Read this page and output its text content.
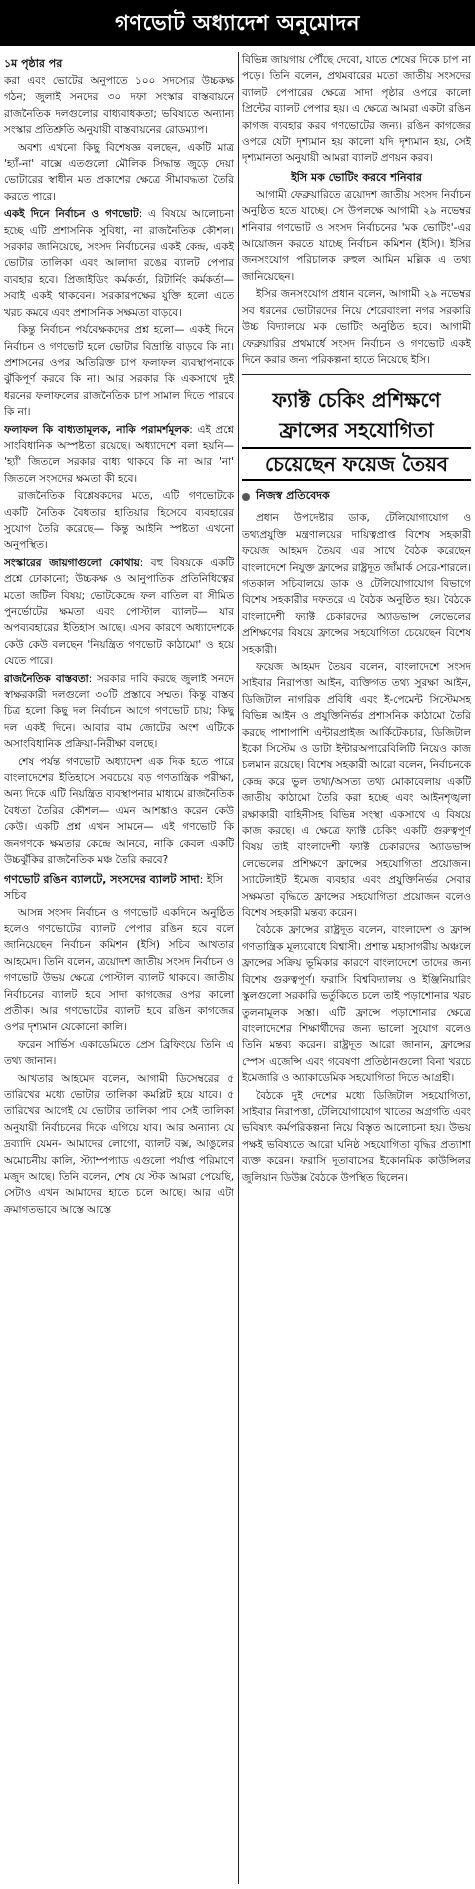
গণভোট অধ্যাদেশ অনুমোদন
১ম পৃষ্ঠার পর

করা এবং ভোটের অনুপাতে ১০০ সদস্যের উচ্চকক্ষ গঠন; জুলাই সনদের ৩০ দফা সংস্কার বাস্তবায়নে রাজনৈতিক দলগুলোর বাধ্যবাধকতা; ভবিষ্যতে অন্যান্য সংস্কার প্রতিশ্রুতি অনুযায়ী বাস্তবায়নের রোডম্যাপ।

অবশ্য এখনো কিছু বিশেষজ্ঞ বলছেন, একটি মাত্র 'হ্যাঁ-না' বাক্সে এতগুলো মৌলিক সিদ্ধান্ত জুড়ে দেয়া ভোটারের স্বাধীন মত প্রকাশের ক্ষেত্রে সীমাবদ্ধতা তৈরি করতে পারে।

একই দিনে নির্বাচন ও গণভোট: এ বিষয়ে আলোচনা হচ্ছে এটি প্রশাসনিক সুবিধা, না রাজনৈতিক কৌশল। সরকার জানিয়েছে, সংসদ নির্বাচনের একই কেন্দ্র, একই ভোটার তালিকা এবং আলাদা রঙের ব্যালট পেপার ব্যবহার হবে। প্রিজাইডিং কর্মকর্তা, রিটার্নিং কর্মকর্তা— সবাই একই থাকবেন। সরকারপক্ষের যুক্তি হলো এতে খরচ কমবে এবং প্রশাসনিক সক্ষমতা বাড়বে।

কিন্তু নির্বাচন পর্যবেক্ষকদের প্রশ্ন হলো— একই দিনে নির্বাচন ও গণভোট হলে ভোটার বিভ্রান্তি বাড়বে কি না। প্রশাসনের ওপর অতিরিক্ত চাপ ফলাফল ব্যবস্থাপনাকে ঝুঁকিপূর্ণ করবে কি না। আর সরকার কি একসাথে দুই ধরনের ফলাফলের রাজনৈতিক চাপ সামাল দিতে পারবে কি না।

ফলাফল কি বাধ্যতামূলক, নাকি পরামর্শমূলক: এই প্রশ্নে সাংবিধানিক অস্পষ্টতা রয়েছে। অধ্যাদেশে বলা হয়নি— 'হ্যাঁ' জিতলে সরকার বাধ্য থাকবে কি না আর 'না' জিতলে সংসদের ক্ষমতা কী হবে।

রাজনৈতিক বিশ্লেষকদের মতে, এটি গণভোটকে একটি নৈতিক বৈধতার হাতিয়ার হিসেবে ব্যবহারের সুযোগ তৈরি করেছে— কিন্তু আইনি স্পষ্টতা এখনো অনুপস্থিত।

সংস্কারের জায়গাগুলো কোথায়: বহু বিষয়কে একটি প্রশ্নে ঢোকানো; উচ্চকক্ষ ও আনুপাতিক প্রতিনিধিত্বের মতো জটিল বিষয়; ভোটকেন্দ্রে ফল বাতিল বা সীমিত পুনর্ভোটের ক্ষমতা এবং পোস্টাল ব্যালট— যার অপব্যবহারের ইতিহাস আছে। এসব কারণে অধ্যাদেশকে কেউ কেউ বলছেন 'নিয়ন্ত্রিত গণভোট কাঠামো' ও হয়ে যেতে পারে।

রাজনৈতিক বাস্তবতা: সরকার দাবি করছে জুলাই সনদে স্বাক্ষরকারী দলগুলো ৩০টি প্রস্তাবে সম্মত। কিন্তু বাস্তব চিত্র হলো কিছু দল নির্বাচন আগে গণভোট চায়; কিছু দল একই দিনে। আবার বাম জোটের অংশ এটিকে অসাংবিধানিক প্রক্রিয়া-নিরীক্ষা বলছে।

শেষ পর্যন্ত গণভোট অধ্যাদেশ এক দিক হতে পারে বাংলাদেশের ইতিহাসে সবচেয়ে বড় গণতান্ত্রিক পরীক্ষা, অন্য দিকে এটি নিয়ন্ত্রিত ব্যবস্থাপনার মাধ্যমে রাজনৈতিক বৈধতা তৈরির কৌশল— এমন আশঙ্কাও করেন কেউ কেউ। একটি প্রশ্ন এখন সামনে— এই গণভোট কি জনগণকে ক্ষমতার কেন্দ্রে আনবে, নাকি কেবল একটি উচ্চঝুঁকির রাজনৈতিক মঞ্চ তৈরি করবে?

গণভোট রঙিন ব্যালটে, সংসদের ব্যালট সাদা: ইসি সচিব

আসন্ন সংসদ নির্বাচন ও গণভোট একদিনে অনুষ্ঠিত হলেও গণভোটের ব্যালট পেপার রঙিন হবে বলে জানিয়েছেন নির্বাচন কমিশন (ইসি) সচিব আখতার আহমেদ। তিনি বলেন, ত্রয়োদশ জাতীয় সংসদ নির্বাচন ও গণভোট উভয় ক্ষেত্রে পোস্টাল ব্যালট থাকবে। জাতীয় নির্বাচনের ব্যালট হবে সাদা কাগজের ওপর কালো প্রতীক। আর গণভোটের ব্যালট হবে রঙিন কাগজের ওপর দৃশ্যমান যেকোনো কালি।

ফরেন সার্ভিস একাডেমিতে প্রেস ব্রিফিংয়ে তিনি এ তথ্য জানান।

আখতার আহমেদ বলেন, আগামী ডিসেম্বরের ৫ তারিখের মধ্যে ভোটার তালিকা কমপ্লিট হয়ে যাবে। ৫ তারিখের আগেই যে ভোটার তালিকা পাব সেই তালিকা অনুযায়ী নির্বাচনের দিকে এগিয়ে যাব। আর অন্যান্য যে দ্রব্যাদি যেমন- আমাদের লোগো, ব্যালট বক্স, আঙুলের অমোচনীয় কালি, স্ট্যাম্পপ্যাড এগুলো পর্যাপ্ত পরিমাণে মজুদ আছে। তিনি বলেন, শেষ যে স্টক আমরা পেয়েছি, সেটাও এখন আমাদের হাতে চলে আছে। আর এটা ক্রমাগতভাবে আস্তে আস্তে

বিভিন্ন জায়গায় পৌঁছে দেবো, যাতে শেষের দিকে চাপ না পড়ে। তিনি বলেন, প্রথমবারের মতো জাতীয় সংসদের ব্যালট পেপারের ক্ষেত্রে সাদা পৃষ্ঠার ওপরে কালো প্রিন্টের ব্যালট পেপার হয়। এ ক্ষেত্রে আমরা একটা রঙিন কাগজ ব্যবহার করব গণভোটের জন্য। রঙিন কাগজের ওপরে যেটা দৃশ্যমান হয় কালো যদি দৃশ্যমান হয়, সেই দৃশ্যমানতা অনুযায়ী আমরা ব্যালট প্রণয়ন করব।

ইসি মক ভোটিং করবে শনিবার

আগামী ফেব্রুয়ারিতে ত্রয়োদশ জাতীয় সংসদ নির্বাচন অনুষ্ঠিত হতে যাচ্ছে। সে উপলক্ষে আগামী ২৯ নভেম্বর শনিবার গণভোট ও সংসদ নির্বাচনের 'মক ভোটিং'-এর আয়োজন করতে যাচ্ছে নির্বাচন কমিশন (ইসি)। ইসির জনসংযোগ পরিচালক রুহুল আমিন মল্লিক এ তথ্য জানিয়েছেন।

ইসির জনসংযোগ প্রধান বলেন, আগামী ২৯ নভেম্বর সব ধরনের ভোটারদের নিয়ে শেরেবাংলা নগর সরকারি উচ্চ বিদ্যালয়ে মক ভোটিং অনুষ্ঠিত হবে। আগামী ফেব্রুয়ারির প্রথমার্ধে সংসদ নির্বাচন ও গণভোট একই দিনে করার জন্য পরিকল্পনা হাতে নিয়েছে ইসি।

ফ্যাক্ট চেকিং প্রশিক্ষণে
ফ্রান্সের সহযোগিতা
চেয়েছেন ফয়েজ তৈয়ব
নিজস্ব প্রতিবেদক

প্রধান উপদেষ্টার ডাক, টেলিযোগাযোগ ও তথ্যপ্রযুক্তি মন্ত্রণালয়ের দায়িত্বপ্রাপ্ত বিশেষ সহকারী ফয়েজ আহমদ তৈয়ব এর সাথে বৈঠক করেছেন বাংলাদেশে নিযুক্ত ফ্রান্সের রাষ্ট্রদূত জাঁমার্ক সেরে-শারলে। গতকাল সচিবালয়ে ডাক ও টেলিযোগাযোগ বিভাগে বিশেষ সহকারীর দফতরে এ বৈঠক অনুষ্ঠিত হয়। বৈঠকে বাংলাদেশী ফ্যাক্ট চেকারদের অ্যাডভান্স লেভেলের প্রশিক্ষণের বিষয়ে ফ্রান্সের সহযোগিতা চেয়েছেন বিশেষ সহকারী।

ফয়েজ আহমদ তৈয়ব বলেন, বাংলাদেশে সংসদ সাইবার নিরাপত্তা আইন, ব্যক্তিগত তথ্য সুরক্ষা আইন, ডিজিটাল নাগরিক প্রবিধি এবং ই-পেমেন্ট সিস্টেমসহ বিভিন্ন আইন ও প্রযুক্তিনির্ভর প্রশাসনিক কাঠামো তৈরি করছে পাশাপাশি এন্টারপ্রাইজ আর্কিটেকচার, ডিজিটাল ইকো সিস্টেম ও ডাটা ইন্টারঅপারেবিলিটি নিয়েও কাজ চলমান রয়েছে। বিশেষ সহকারী আরো বলেন, নির্বাচনকে কেন্দ্র করে ভুল তথ্য/অসত্য তথ্য মোকাবেলায় একটি জাতীয় কাঠামো তৈরি করা হচ্ছে এবং আইনশৃঙ্খলা রক্ষাকারী বাহিনীসহ বিভিন্ন সংস্থা একসাথে এ বিষয়ে কাজ করছে। এ ক্ষেত্রে ফ্যাক্ট চেকিং একটি গুরুত্বপূর্ণ বিষয় তাই বাংলাদেশী ফ্যাক্ট চেকারদের অ্যাডভান্স লেভেলের প্রশিক্ষণে ফ্রান্সের সহযোগিতা প্রয়োজন। স্যাটেলাইট ইমেজ ব্যবহার এবং প্রযুক্তিনির্ভর সেবার সক্ষমতা বৃদ্ধিতে ফ্রান্সের সহযোগিতা প্রয়োজন বলেও বিশেষ সহকারী মন্তব্য করেন।

বৈঠকে ফ্রান্সের রাষ্ট্রদূত বলেন, বাংলাদেশ ও ফ্রান্স গণতান্ত্রিক মূল্যবোধে বিশ্বাসী। প্রশান্ত মহাসাগরীয় অঞ্চলে ফ্রান্সের সক্রিয় ভূমিকার কারণে বাংলাদেশে তাদের জন্য বিশেষ গুরুত্বপূর্ণ। ফরাসি বিশ্ববিদ্যালয় ও ইঞ্জিনিয়ারিং স্কুলগুলো সরকারি ভর্তুকিতে চলে তাই পড়াশোনার খরচ তুলনামূলক সস্তা। এটি ফ্রান্সে পড়াশোনার ক্ষেত্রে বাংলাদেশের শিক্ষার্থীদের জন্য ভালো সুযোগ বলেও তিনি মন্তব্য করেন। রাষ্ট্রদূত আরো জানান, ফ্রান্সের স্পেস এজেন্সি এবং গবেষণা প্রতিষ্ঠানগুলো বিনা খরচে ইমেজারি ও অ্যাকাডেমিক সহযোগিতা দিতে আগ্রহী।

বৈঠকে দুই দেশের মধ্যে ডিজিটাল সহযোগিতা, সাইবার নিরাপত্তা, টেলিযোগাযোগ খাতের অগ্রগতি এবং ভবিষ্যৎ কর্মপরিকল্পনা নিয়ে বিস্তৃত আলোচনা হয়। উভয় পক্ষই ভবিষ্যতে আরো ঘনিষ্ঠ সহযোগিতা বৃদ্ধির প্রত্যাশা ব্যক্ত করেন। ফরাসি দূতাবাসের ইকোনমিক কাউন্সিলর জুলিয়ান ডিউক্স বৈঠকে উপস্থিত ছিলেন।
